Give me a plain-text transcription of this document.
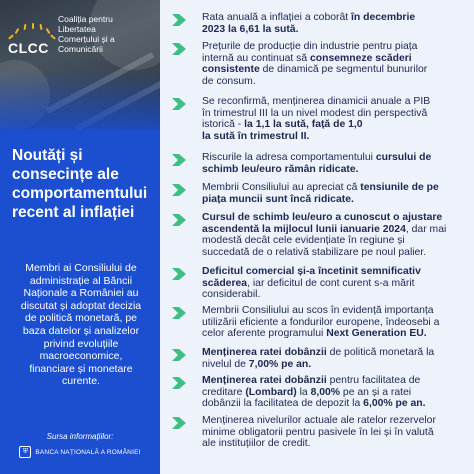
CLCC
Coaliția pentru
Libertatea
Comerțului și a
Comunicării
Noutăți și
consecințe ale
comportamentului
recent al inflației
Membri ai Consiliului de
administrație al Băncii
Naționale a României au
discutat și adoptat decizia
de politică monetară, pe
baza datelor și analizelor
privind evoluțiile
macroeconomice,
financiare și monetare
curente.
Sursa informațiilor:
⛨	BANCA NAȚIONALĂ A ROMÂNIEI
Rata anuală a inflației a coborât în decembrie
2023 la 6,61 la sută.
Prețurile de producție din industrie pentru piața
internă au continuat să consemneze scăderi
consistente de dinamică pe segmentul bunurilor
de consum.
Se reconfirmă, menținerea dinamicii anuale a PIB
în trimestrul III la un nivel modest din perspectivă
istorică - la 1,1 la sută, față de 1,0
la sută în trimestrul II.
Riscurile la adresa comportamentului cursului de
schimb leu/euro rămân ridicate.
Membrii Consiliului au apreciat că tensiunile de pe
piața muncii sunt încă ridicate.
Cursul de schimb leu/euro a cunoscut o ajustare
ascendentă la mijlocul lunii ianuarie 2024, dar mai
modestă decât cele evidențiate în regiune și
succedată de o relativă stabilizare pe noul palier.
Deficitul comercial și-a încetinit semnificativ
scăderea, iar deficitul de cont curent s-a mărit
considerabil.
Membrii Consiliului au scos în evidență importanța
utilizării eficiente a fondurilor europene, îndeosebi a
celor aferente programului Next Generation EU.
Menținerea ratei dobânzii de politică monetară la
nivelul de 7,00% pe an.
Menținerea ratei dobânzii pentru facilitatea de
creditare (Lombard) la 8,00% pe an și a ratei
dobânzii la facilitatea de depozit la 6,00% pe an.
Menținerea nivelurilor actuale ale ratelor rezervelor
minime obligatorii pentru pasivele în lei și în valută
ale instituțiilor de credit.
